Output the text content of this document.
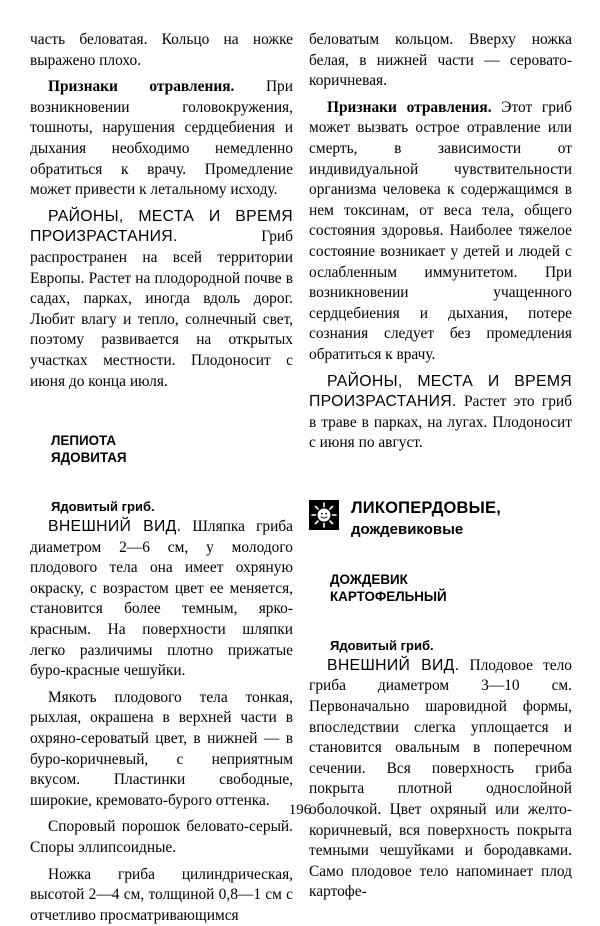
часть беловатая. Кольцо на ножке выражено плохо.

Признаки отравления. При возникновении головокружения, тошноты, нарушения сердцебиения и дыхания необходимо немедленно обратиться к врачу. Промедление может привести к летальному исходу.

РАЙОНЫ, МЕСТА И ВРЕМЯ ПРОИЗРАСТАНИЯ. Гриб распространен на всей территории Европы. Растет на плодородной почве в садах, парках, иногда вдоль дорог. Любит влагу и тепло, солнечный свет, поэтому развивается на открытых участках местности. Плодоносит с июня до конца июля.

ЛЕПИОТА
ЯДОВИТАЯ
Ядовитый гриб.

ВНЕШНИЙ ВИД. Шляпка гриба диаметром 2—6 см, у молодого плодового тела она имеет охряную окраску, с возрастом цвет ее меняется, становится более темным, ярко-красным. На поверхности шляпки легко различимы плотно прижатые буро-красные чешуйки.

Мякоть плодового тела тонкая, рыхлая, окрашена в верхней части в охряно-сероватый цвет, в нижней — в буро-коричневый, с неприятным вкусом. Пластинки свободные, широкие, кремовато-бурого оттенка.

Споровый порошок беловато-серый. Споры эллипсоидные.

Ножка гриба цилиндрическая, высотой 2—4 см, толщиной 0,8—1 см с отчетливо просматривающимся

беловатым кольцом. Вверху ножка белая, в нижней части — серовато-коричневая.

Признаки отравления. Этот гриб может вызвать острое отравление или смерть, в зависимости от индивидуальной чувствительности организма человека к содержащимся в нем токсинам, от веса тела, общего состояния здоровья. Наиболее тяжелое состояние возникает у детей и людей с ослабленным иммунитетом. При возникновении учащенного сердцебиения и дыхания, потере сознания следует без промедления обратиться к врачу.

РАЙОНЫ, МЕСТА И ВРЕМЯ ПРОИЗРАСТАНИЯ. Растет это гриб в траве в парках, на лугах. Плодоносит с июня по август.

ЛИКОПЕРДОВЫЕ,
дождевиковые
ДОЖДЕВИК
КАРТОФЕЛЬНЫЙ
Ядовитый гриб.

ВНЕШНИЙ ВИД. Плодовое тело гриба диаметром 3—10 см. Первоначально шаровидной формы, впоследствии слегка уплощается и становится овальным в поперечном сечении. Вся поверхность гриба покрыта плотной однослойной оболочкой. Цвет охряный или желто-коричневый, вся поверхность покрыта темными чешуйками и бородавками. Само плодовое тело напоминает плод картофе-

196
